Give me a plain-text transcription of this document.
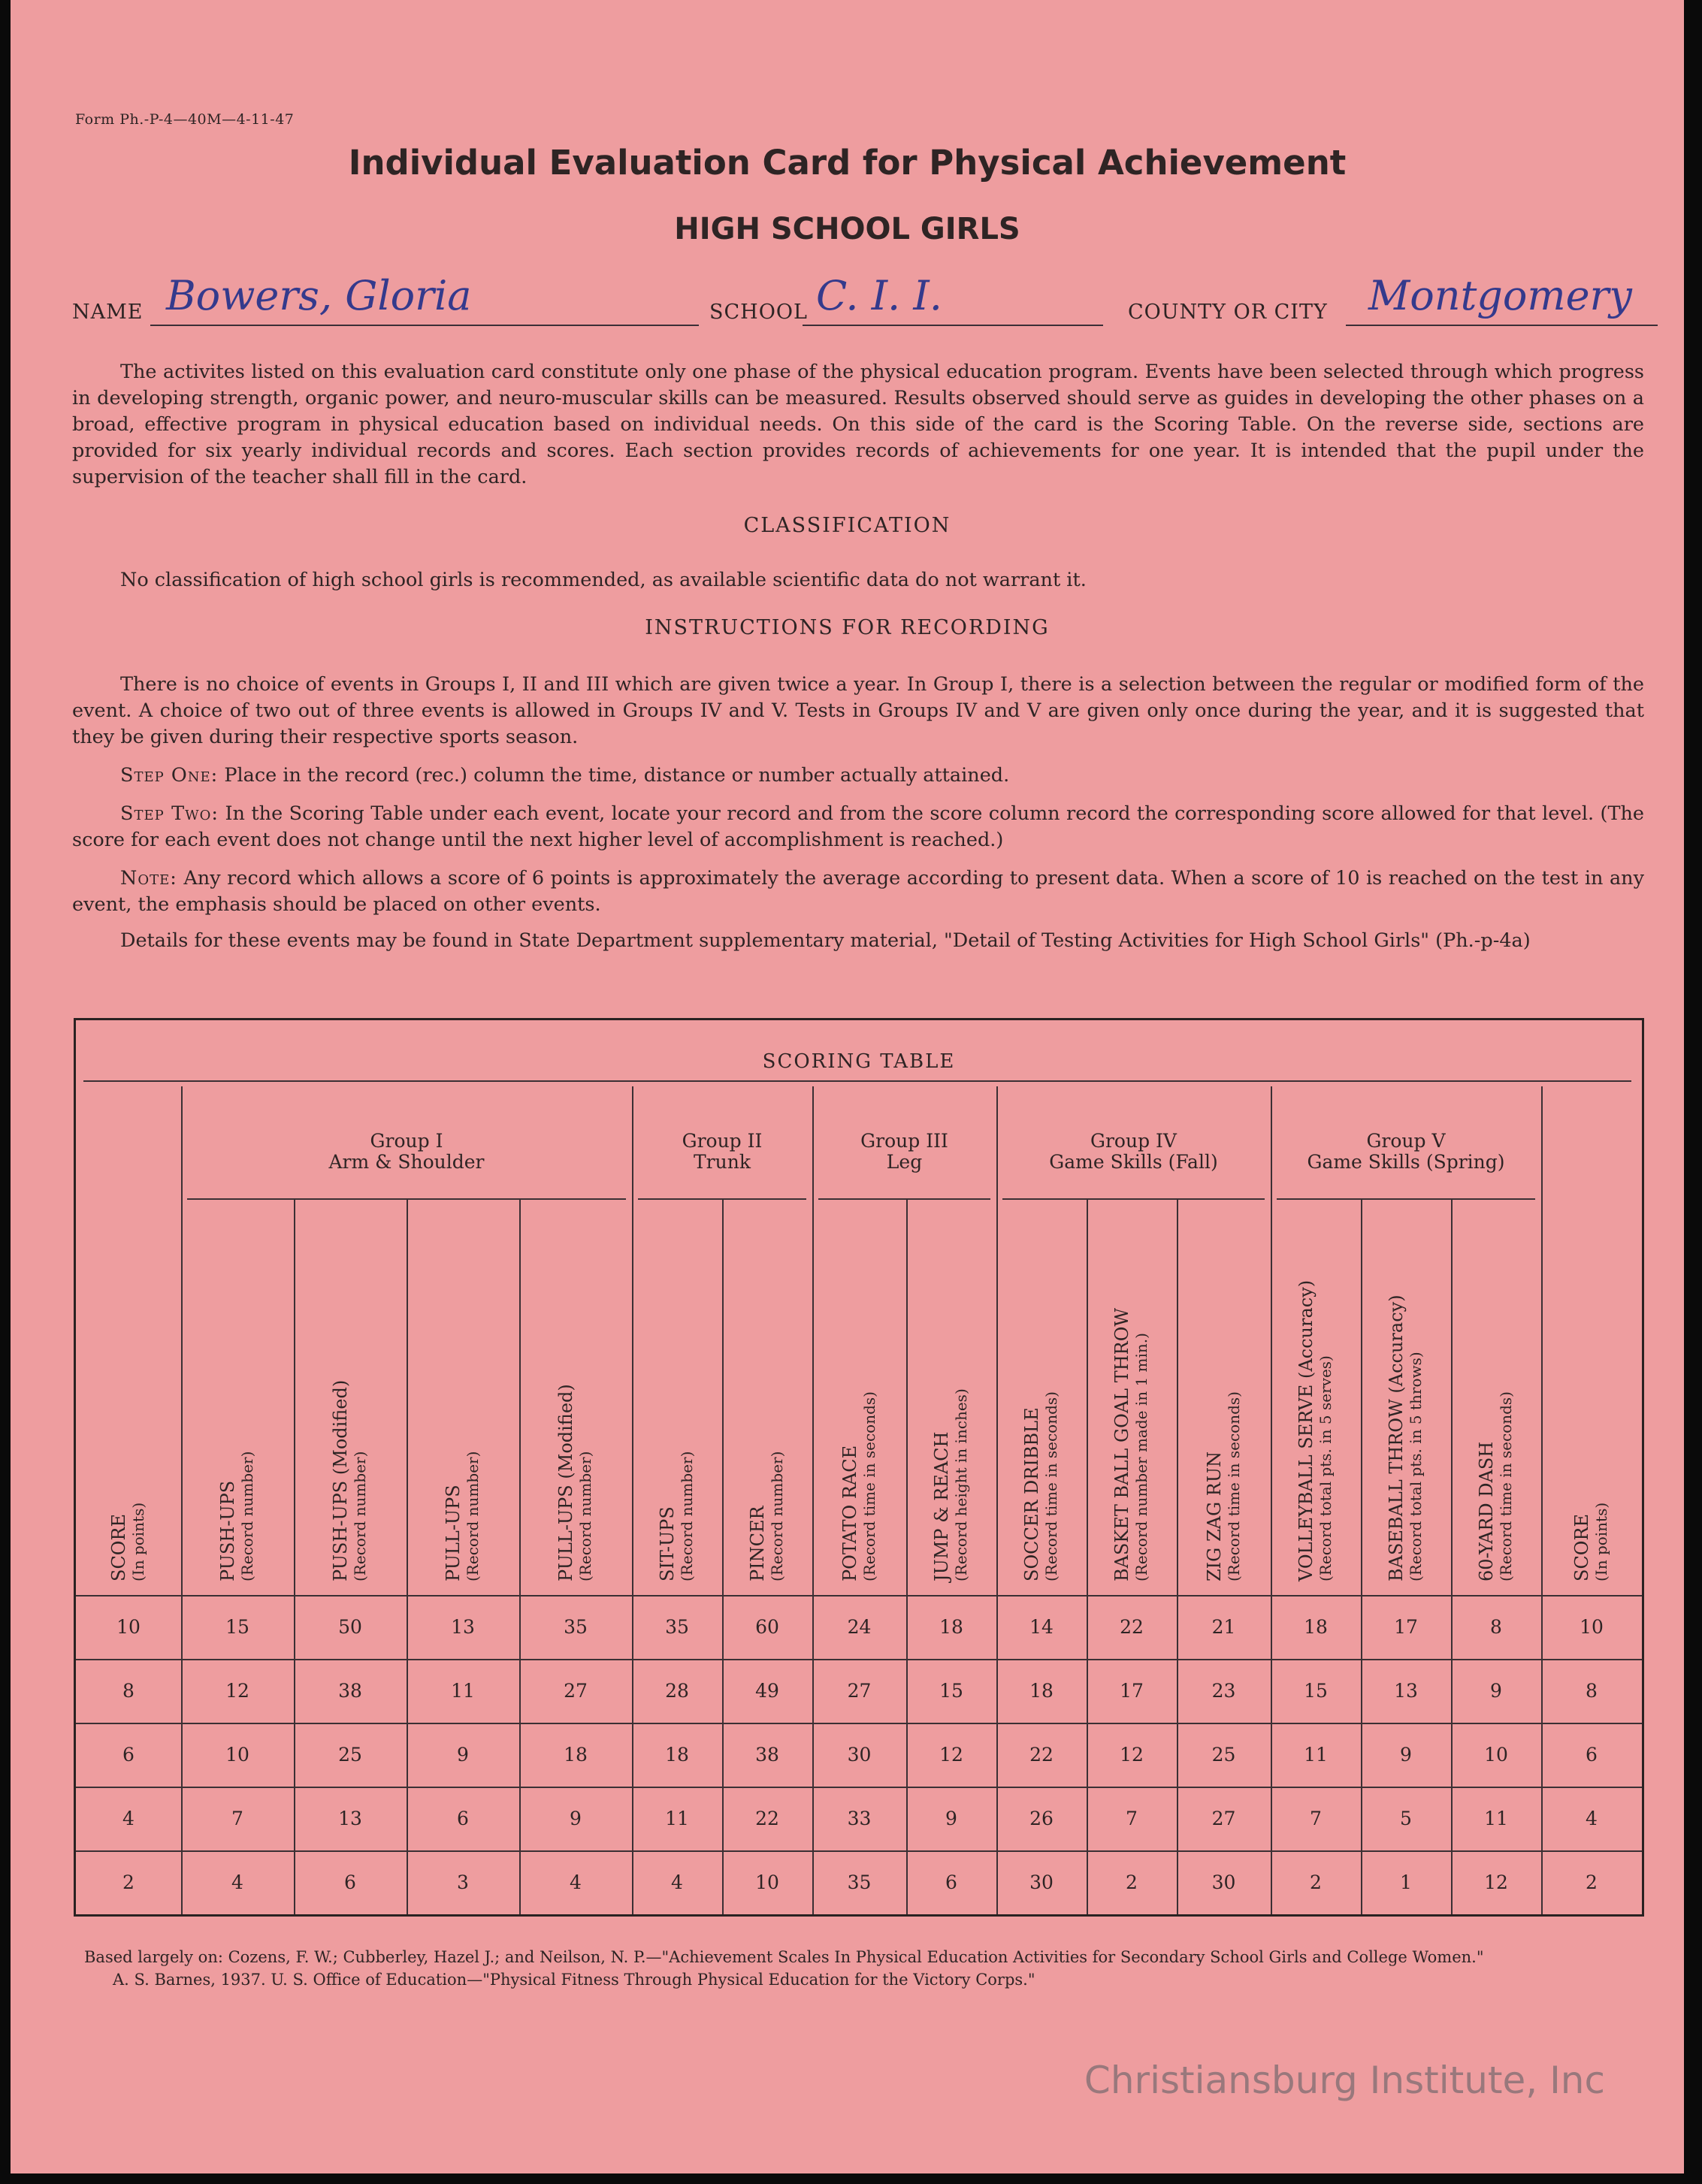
Form Ph.-P-4—40M—4-11-47
Individual Evaluation Card for Physical Achievement
HIGH SCHOOL GIRLS
NAME Bowers, Gloria	SCHOOL C. I. I.	COUNTY OR CITY Montgomery
The activites listed on this evaluation card constitute only one phase of the physical education program. Events have been selected through which progress in developing strength, organic power, and neuro-muscular skills can be measured. Results observed should serve as guides in developing the other phases on a broad, effective program in physical education based on individual needs. On this side of the card is the Scoring Table. On the reverse side, sections are provided for six yearly individual records and scores. Each section provides records of achievements for one year. It is intended that the pupil under the supervision of the teacher shall fill in the card.
CLASSIFICATION
No classification of high school girls is recommended, as available scientific data do not warrant it.
INSTRUCTIONS FOR RECORDING
There is no choice of events in Groups I, II and III which are given twice a year. In Group I, there is a selection between the regular or modified form of the event. A choice of two out of three events is allowed in Groups IV and V. Tests in Groups IV and V are given only once during the year, and it is suggested that they be given during their respective sports season.
Step One: Place in the record (rec.) column the time, distance or number actually attained.
Step Two: In the Scoring Table under each event, locate your record and from the score column record the corresponding score allowed for that level. (The score for each event does not change until the next higher level of accomplishment is reached.)
Note: Any record which allows a score of 6 points is approximately the average according to present data. When a score of 10 is reached on the test in any event, the emphasis should be placed on other events.
Details for these events may be found in State Department supplementary material, "Detail of Testing Activities for High School Girls" (Ph.-p-4a)
SCORING TABLE
Group I
Arm & Shoulder
Group II
Trunk
Group III
Leg
Group IV
Game Skills (Fall)
Group V
Game Skills (Spring)
SCORE (In points)	PUSH-UPS (Record number)	PUSH-UPS (Modified) (Record number)	PULL-UPS (Record number)	PULL-UPS (Modified) (Record number)	SIT-UPS (Record number)	PINCER (Record number)	POTATO RACE (Record time in seconds)	JUMP & REACH (Record height in inches)	SOCCER DRIBBLE (Record time in seconds)	BASKET BALL GOAL THROW (Record number made in 1 min.)	ZIG ZAG RUN (Record time in seconds)	VOLLEYBALL SERVE (Accuracy) (Record total pts. in 5 serves)	BASEBALL THROW (Accuracy) (Record total pts. in 5 throws)	60-YARD DASH (Record time in seconds)	SCORE (In points)
10	15	50	13	35	35	60	24	18	14	22	21	18	17	8	10
8	12	38	11	27	28	49	27	15	18	17	23	15	13	9	8
6	10	25	9	18	18	38	30	12	22	12	25	11	9	10	6
4	7	13	6	9	11	22	33	9	26	7	27	7	5	11	4
2	4	6	3	4	4	10	35	6	30	2	30	2	1	12	2
Based largely on: Cozens, F. W.; Cubberley, Hazel J.; and Neilson, N. P.—"Achievement Scales In Physical Education Activities for Secondary School Girls and College Women."
A. S. Barnes, 1937. U. S. Office of Education—"Physical Fitness Through Physical Education for the Victory Corps."
Christiansburg Institute, Inc
